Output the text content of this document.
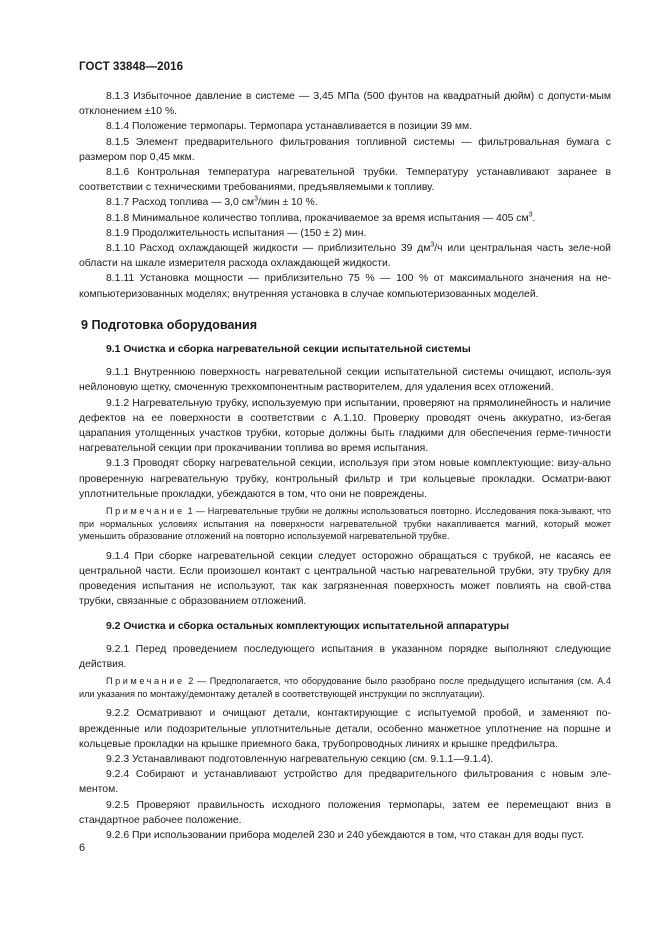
ГОСТ 33848—2016

8.1.3 Избыточное давление в системе — 3,45 МПа (500 фунтов на квадратный дюйм) с допусти-мым отклонением ±10 %.

8.1.4 Положение термопары. Термопара устанавливается в позиции 39 мм.

8.1.5 Элемент предварительного фильтрования топливной системы — фильтровальная бумага с размером пор 0,45 мкм.

8.1.6 Контрольная температура нагревательной трубки. Температуру устанавливают заранее в соответствии с техническими требованиями, предъявляемыми к топливу.

8.1.7 Расход топлива — 3,0 $см^3$/мин ± 10 %.

8.1.8 Минимальное количество топлива, прокачиваемое за время испытания — 405 $см^3$.

8.1.9 Продолжительность испытания — (150 ± 2) мин.

8.1.10 Расход охлаждающей жидкости — приблизительно 39 $дм^3/ч$ или центральная часть зеле-ной области на шкале измерителя расхода охлаждающей жидкости.

8.1.11 Установка мощности — приблизительно 75 % — 100 % от максимального значения на не-компьютеризованных моделях; внутренняя установка в случае компьютеризованных моделей.

9 Подготовка оборудования
9.1 Очистка и сборка нагревательной секции испытательной системы

9.1.1 Внутреннюю поверхность нагревательной секции испытательной системы очищают, исполь-зуя нейлоновую щетку, смоченную трехкомпонентным растворителем, для удаления всех отложений.

9.1.2 Нагревательную трубку, используемую при испытании, проверяют на прямолинейность и наличие дефектов на ее поверхности в соответствии с А.1.10. Проверку проводят очень аккуратно, из-бегая царапания утолщенных участков трубки, которые должны быть гладкими для обеспечения герме-тичности нагревательной секции при прокачивании топлива во время испытания.

9.1.3 Проводят сборку нагревательной секции, используя при этом новые комплектующие: визу-ально проверенную нагревательную трубку, контрольный фильтр и три кольцевые прокладки. Осматри-вают уплотнительные прокладки, убеждаются в том, что они не повреждены.

Примечание 1 — Нагревательные трубки не должны использоваться повторно. Исследования пока-зывают, что при нормальных условиях испытания на поверхности нагревательной трубки накапливается магний, который может уменьшить образование отложений на повторно используемой нагревательной трубке.

9.1.4 При сборке нагревательной секции следует осторожно обращаться с трубкой, не касаясь ее центральной части. Если произошел контакт с центральной частью нагревательной трубки, эту трубку для проведения испытания не используют, так как загрязненная поверхность может повлиять на свой-ства трубки, связанные с образованием отложений.

9.2 Очистка и сборка остальных комплектующих испытательной аппаратуры

9.2.1 Перед проведением последующего испытания в указанном порядке выполняют следующие действия.

Примечание 2 — Предполагается, что оборудование было разобрано после предыдущего испытания (см. А.4 или указания по монтажу/демонтажу деталей в соответствующей инструкции по эксплуатации).

9.2.2 Осматривают и очищают детали, контактирующие с испытуемой пробой, и заменяют по-врежденные или подозрительные уплотнительные детали, особенно манжетное уплотнение на поршне и кольцевые прокладки на крышке приемного бака, трубопроводных линиях и крышке предфильтра.

9.2.3 Устанавливают подготовленную нагревательную секцию (см. 9.1.1—9.1.4).

9.2.4 Собирают и устанавливают устройство для предварительного фильтрования с новым эле-ментом.

9.2.5 Проверяют правильность исходного положения термопары, затем ее перемещают вниз в стандартное рабочее положение.

9.2.6 При использовании прибора моделей 230 и 240 убеждаются в том, что стакан для воды пуст.

6
